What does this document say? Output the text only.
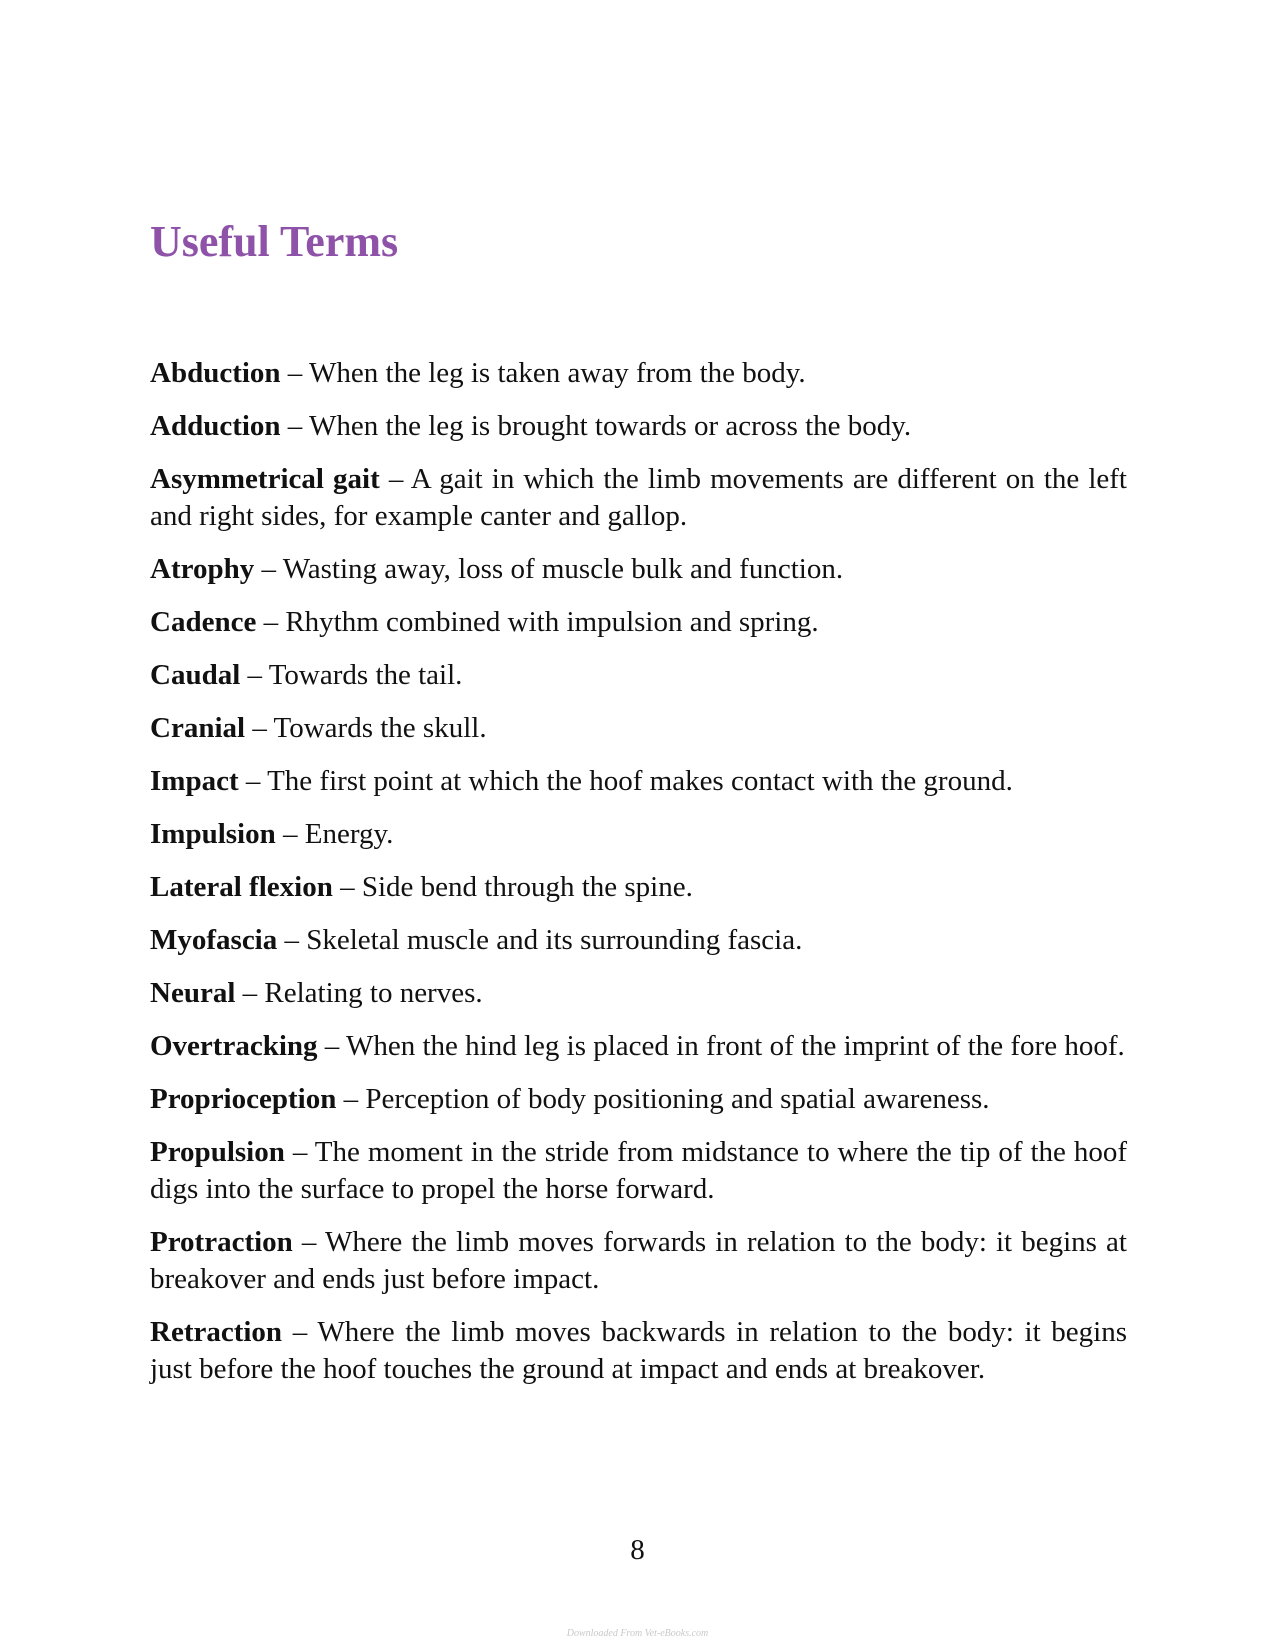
Useful Terms
Abduction – When the leg is taken away from the body.
Adduction – When the leg is brought towards or across the body.
Asymmetrical gait – A gait in which the limb movements are different on the left and right sides, for example canter and gallop.
Atrophy – Wasting away, loss of muscle bulk and function.
Cadence – Rhythm combined with impulsion and spring.
Caudal – Towards the tail.
Cranial – Towards the skull.
Impact – The first point at which the hoof makes contact with the ground.
Impulsion – Energy.
Lateral flexion – Side bend through the spine.
Myofascia – Skeletal muscle and its surrounding fascia.
Neural – Relating to nerves.
Overtracking – When the hind leg is placed in front of the imprint of the fore hoof.
Proprioception – Perception of body positioning and spatial awareness.
Propulsion – The moment in the stride from midstance to where the tip of the hoof digs into the surface to propel the horse forward.
Protraction – Where the limb moves forwards in relation to the body: it begins at breakover and ends just before impact.
Retraction – Where the limb moves backwards in relation to the body: it begins just before the hoof touches the ground at impact and ends at breakover.
8
Downloaded From Vet-eBooks.com
